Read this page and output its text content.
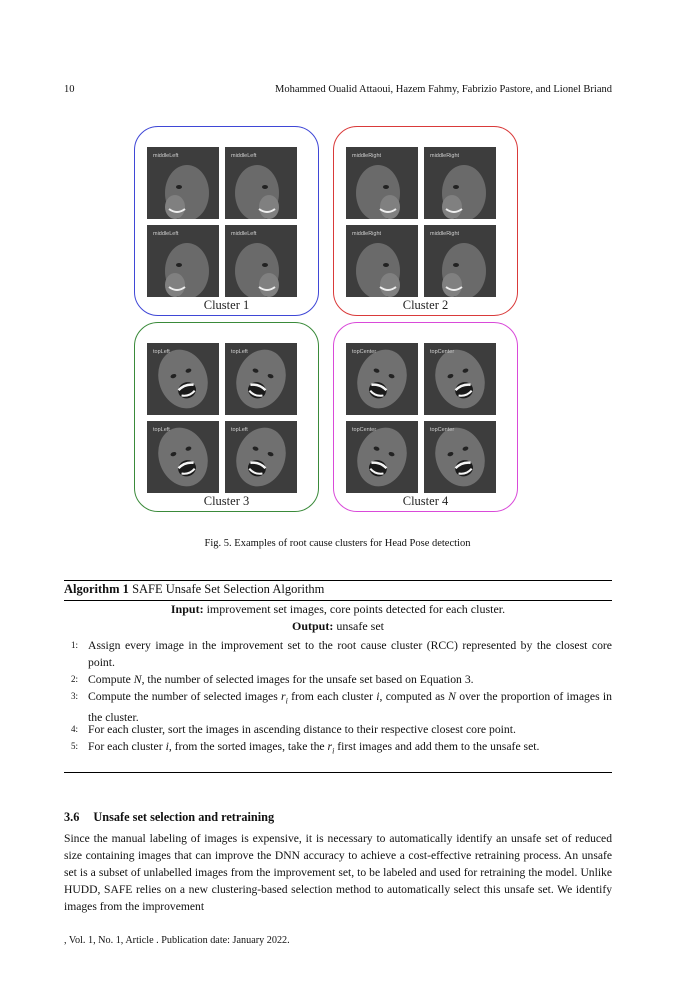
10	Mohammed Oualid Attaoui, Hazem Fahmy, Fabrizio Pastore, and Lionel Briand
middleLeft	middleLeft
middleLeft	middleLeft
Cluster 1
middleRight	middleRight
middleRight	middleRight
Cluster 2
topLeft	topLeft
topLeft	topLeft
Cluster 3
topCenter	topCenter
topCenter	topCenter
Cluster 4
Fig. 5. Examples of root cause clusters for Head Pose detection
Algorithm 1 SAFE Unsafe Set Selection Algorithm
Input: improvement set images, core points detected for each cluster.
Output: unsafe set
1: Assign every image in the improvement set to the root cause cluster (RCC) represented by the closest core point.
2: Compute N, the number of selected images for the unsafe set based on Equation 3.
3: Compute the number of selected images $r_i$ from each cluster i, computed as N over the proportion of images in the cluster.
4: For each cluster, sort the images in ascending distance to their respective closest core point.
5: For each cluster i, from the sorted images, take the $r_i$ first images and add them to the unsafe set.
3.6 Unsafe set selection and retraining
Since the manual labeling of images is expensive, it is necessary to automatically identify an unsafe set of reduced size containing images that can improve the DNN accuracy to achieve a cost-effective retraining process. An unsafe set is a subset of unlabelled images from the improvement set, to be labeled and used for retraining the model. Unlike HUDD, SAFE relies on a new clustering-based selection method to automatically select this unsafe set. We identify images from the improvement
, Vol. 1, No. 1, Article . Publication date: January 2022.
